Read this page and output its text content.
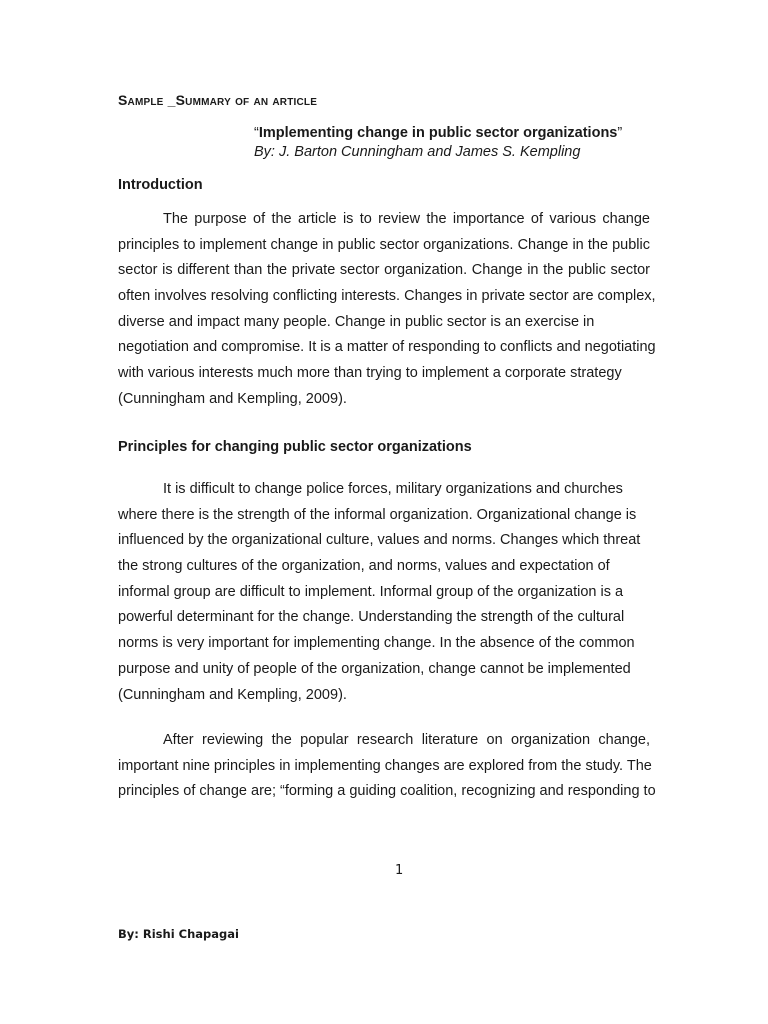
Sample _Summary of an article
“Implementing change in public sector organizations”
By: J. Barton Cunningham and James S. Kempling
Introduction
The purpose of the article is to review the importance of various change
principles to implement change in public sector organizations. Change in the public
sector is different than the private sector organization. Change in the public sector
often involves resolving conflicting interests. Changes in private sector are complex,
diverse and impact many people. Change in public sector is an exercise in
negotiation and compromise. It is a matter of responding to conflicts and negotiating
with various interests much more than trying to implement a corporate strategy
(Cunningham and Kempling, 2009).
Principles for changing public sector organizations
It is difficult to change police forces, military organizations and churches
where there is the strength of the informal organization. Organizational change is
influenced by the organizational culture, values and norms. Changes which threat
the strong cultures of the organization, and norms, values and expectation of
informal group are difficult to implement. Informal group of the organization is a
powerful determinant for the change. Understanding the strength of the cultural
norms is very important for implementing change. In the absence of the common
purpose and unity of people of the organization, change cannot be implemented
(Cunningham and Kempling, 2009).
After reviewing the popular research literature on organization change,
important nine principles in implementing changes are explored from the study. The
principles of change are; “forming a guiding coalition, recognizing and responding to
1
By: Rishi Chapagai
